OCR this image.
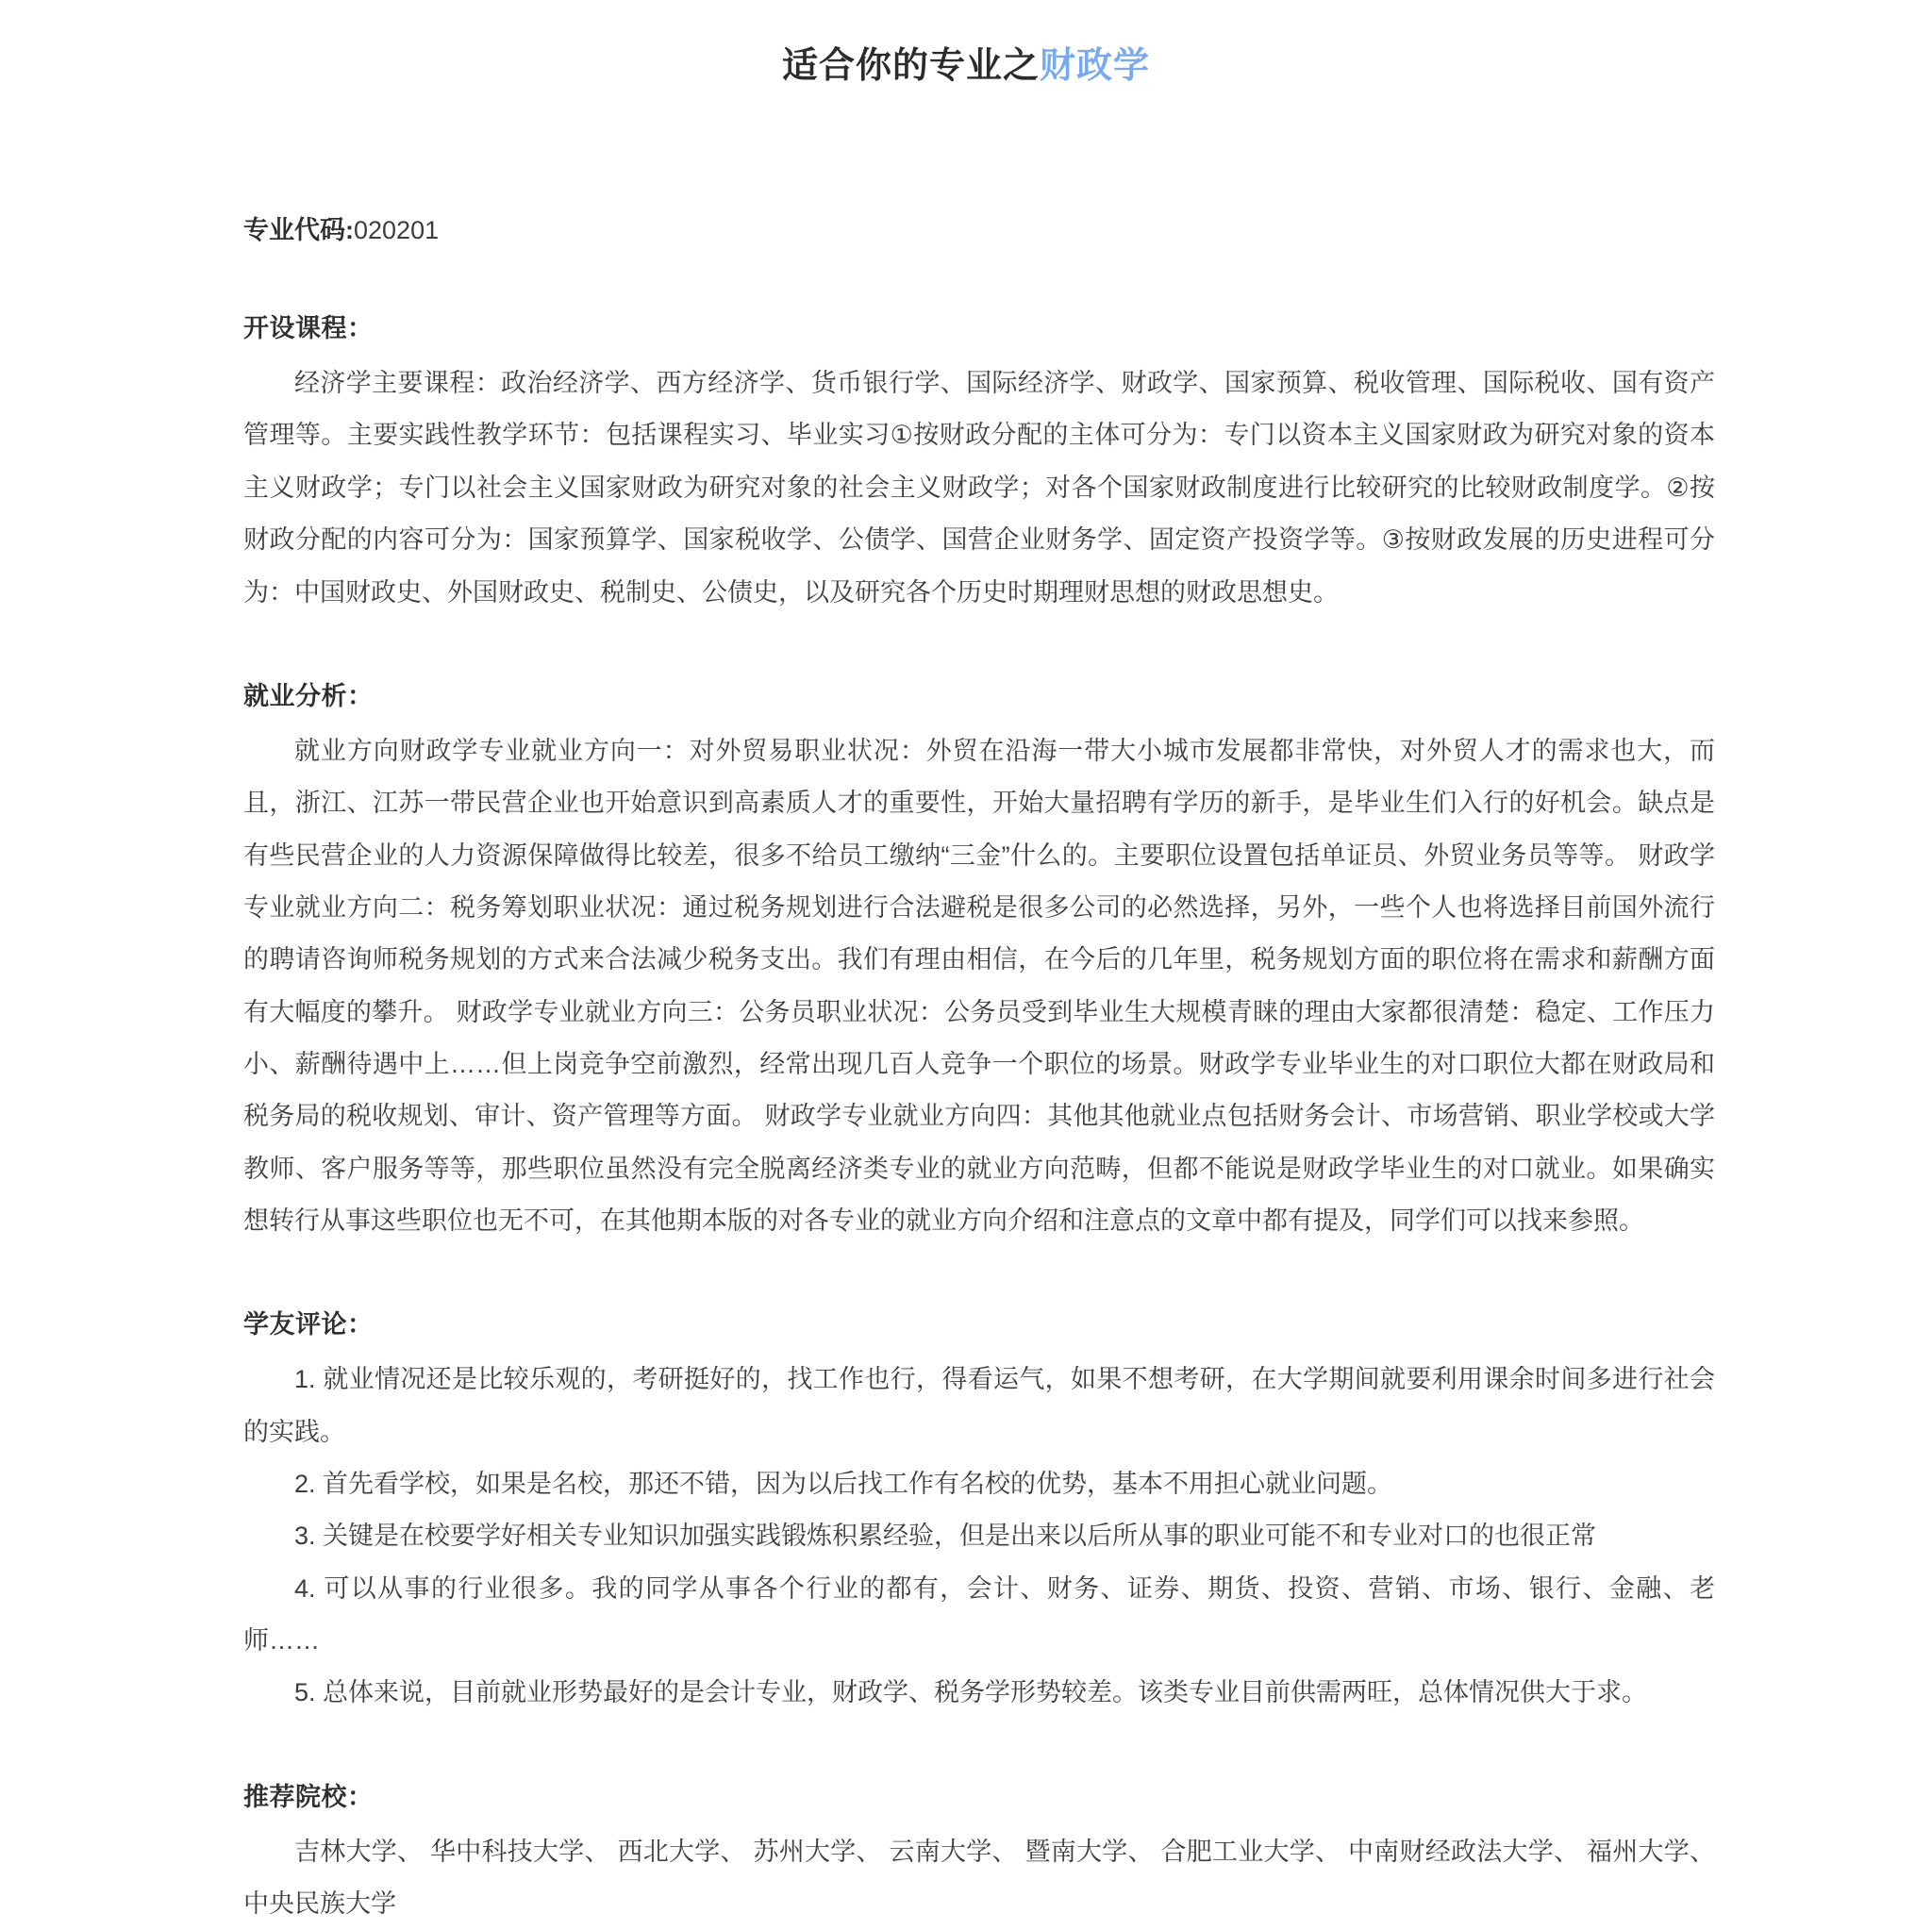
适合你的专业之财政学
专业代码:020201
开设课程：

经济学主要课程：政治经济学、西方经济学、货币银行学、国际经济学、财政学、国家预算、税收管理、国际税收、国有资产管理等。主要实践性教学环节：包括课程实习、毕业实习①按财政分配的主体可分为：专门以资本主义国家财政为研究对象的资本主义财政学；专门以社会主义国家财政为研究对象的社会主义财政学；对各个国家财政制度进行比较研究的比较财政制度学。②按财政分配的内容可分为：国家预算学、国家税收学、公债学、国营企业财务学、固定资产投资学等。③按财政发展的历史进程可分为：中国财政史、外国财政史、税制史、公债史，以及研究各个历史时期理财思想的财政思想史。

就业分析：

就业方向财政学专业就业方向一：对外贸易职业状况：外贸在沿海一带大小城市发展都非常快，对外贸人才的需求也大，而且，浙江、江苏一带民营企业也开始意识到高素质人才的重要性，开始大量招聘有学历的新手，是毕业生们入行的好机会。缺点是有些民营企业的人力资源保障做得比较差，很多不给员工缴纳“三金”什么的。主要职位设置包括单证员、外贸业务员等等。 财政学专业就业方向二：税务筹划职业状况：通过税务规划进行合法避税是很多公司的必然选择，另外，一些个人也将选择目前国外流行的聘请咨询师税务规划的方式来合法减少税务支出。我们有理由相信，在今后的几年里，税务规划方面的职位将在需求和薪酬方面有大幅度的攀升。 财政学专业就业方向三：公务员职业状况：公务员受到毕业生大规模青睐的理由大家都很清楚：稳定、工作压力小、薪酬待遇中上……但上岗竞争空前激烈，经常出现几百人竞争一个职位的场景。财政学专业毕业生的对口职位大都在财政局和税务局的税收规划、审计、资产管理等方面。 财政学专业就业方向四：其他其他就业点包括财务会计、市场营销、职业学校或大学教师、客户服务等等，那些职位虽然没有完全脱离经济类专业的就业方向范畴，但都不能说是财政学毕业生的对口就业。如果确实想转行从事这些职位也无不可，在其他期本版的对各专业的就业方向介绍和注意点的文章中都有提及，同学们可以找来参照。

学友评论：
1. 就业情况还是比较乐观的，考研挺好的，找工作也行，得看运气，如果不想考研，在大学期间就要利用课余时间多进行社会的实践。
2. 首先看学校，如果是名校，那还不错，因为以后找工作有名校的优势，基本不用担心就业问题。
3. 关键是在校要学好相关专业知识加强实践锻炼积累经验，但是出来以后所从事的职业可能不和专业对口的也很正常
4. 可以从事的行业很多。我的同学从事各个行业的都有，会计、财务、证券、期货、投资、营销、市场、银行、金融、老师……
5. 总体来说，目前就业形势最好的是会计专业，财政学、税务学形势较差。该类专业目前供需两旺，总体情况供大于求。
推荐院校：

吉林大学、 华中科技大学、 西北大学、 苏州大学、 云南大学、 暨南大学、 合肥工业大学、 中南财经政法大学、 福州大学、 中央民族大学
